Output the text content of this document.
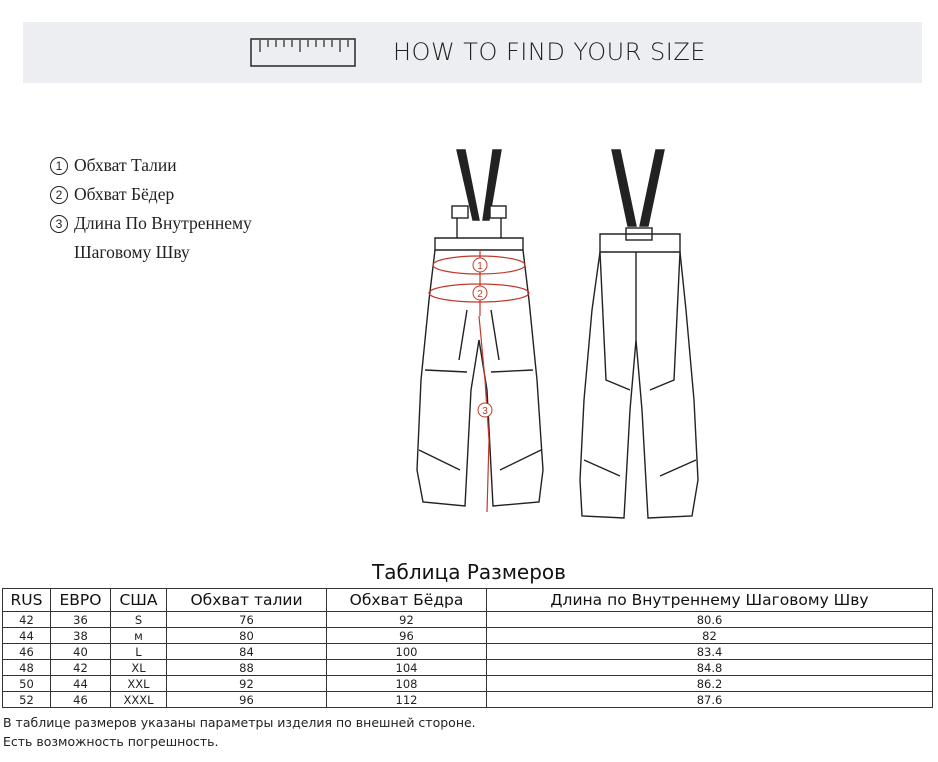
HOW TO FIND YOUR SIZE
1 Обхват Талии
2 Обхват Бёдер
3 Длина По Внутреннему
Шаговому Шву
1
2
3
Таблица Размеров
RUS	ЕВРО	США	Обхват талии	Обхват Бёдра	Длина по Внутреннему Шаговому Шву
42	36	S	76	92	80.6
44	38	м	80	96	82
46	40	L	84	100	83.4
48	42	XL	88	104	84.8
50	44	XXL	92	108	86.2
52	46	XXXL	96	112	87.6
В таблице размеров указаны параметры изделия по внешней стороне.
Есть возможность погрешность.
